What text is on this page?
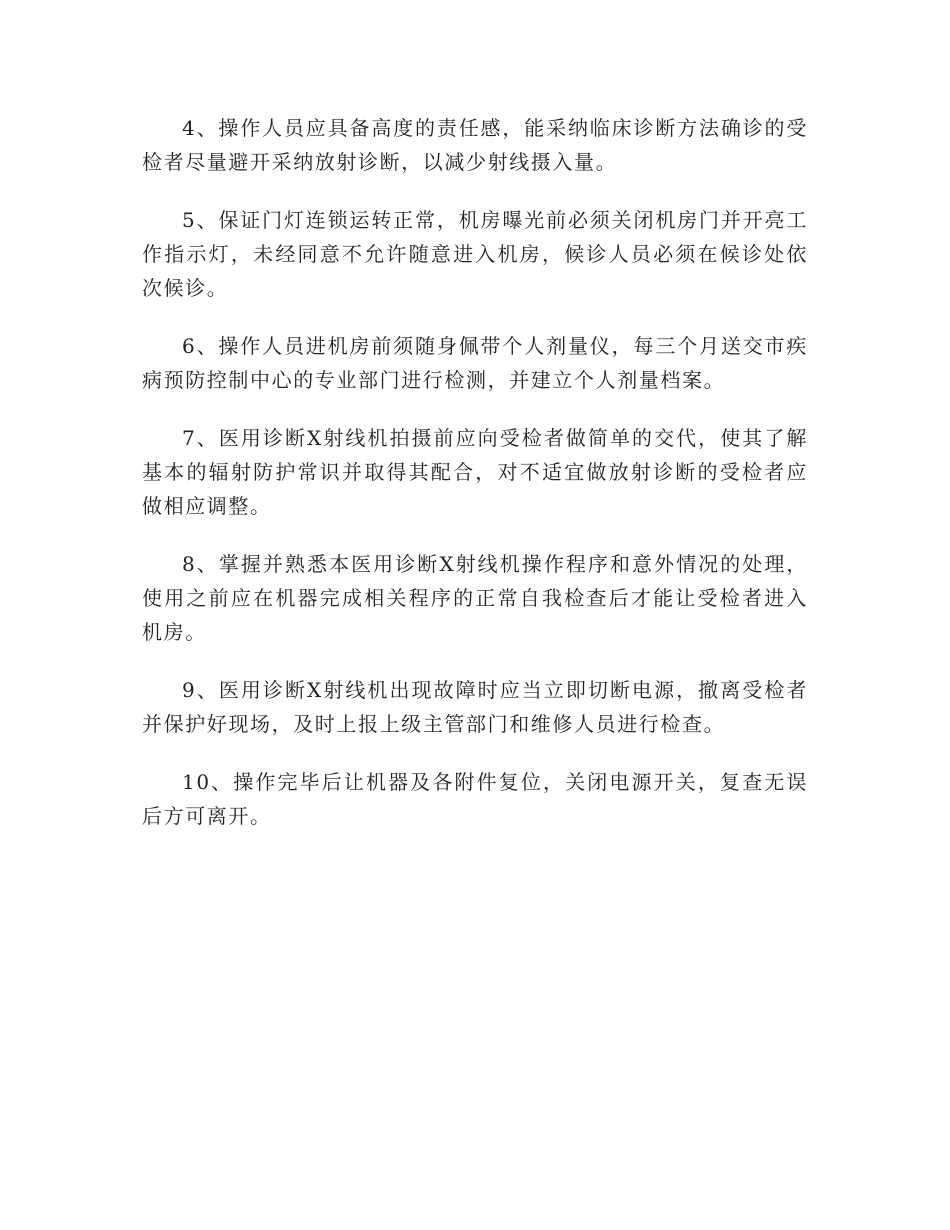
4、操作人员应具备高度的责任感，能采纳临床诊断方法确诊的受检者尽量避开采纳放射诊断，以减少射线摄入量。

5、保证门灯连锁运转正常，机房曝光前必须关闭机房门并开亮工作指示灯，未经同意不允许随意进入机房，候诊人员必须在候诊处依次候诊。

6、操作人员进机房前须随身佩带个人剂量仪，每三个月送交市疾病预防控制中心的专业部门进行检测，并建立个人剂量档案。

7、医用诊断X射线机拍摄前应向受检者做简单的交代，使其了解基本的辐射防护常识并取得其配合，对不适宜做放射诊断的受检者应做相应调整。

8、掌握并熟悉本医用诊断X射线机操作程序和意外情况的处理，使用之前应在机器完成相关程序的正常自我检查后才能让受检者进入机房。

9、医用诊断X射线机出现故障时应当立即切断电源，撤离受检者并保护好现场，及时上报上级主管部门和维修人员进行检查。

10、操作完毕后让机器及各附件复位，关闭电源开关，复查无误后方可离开。
